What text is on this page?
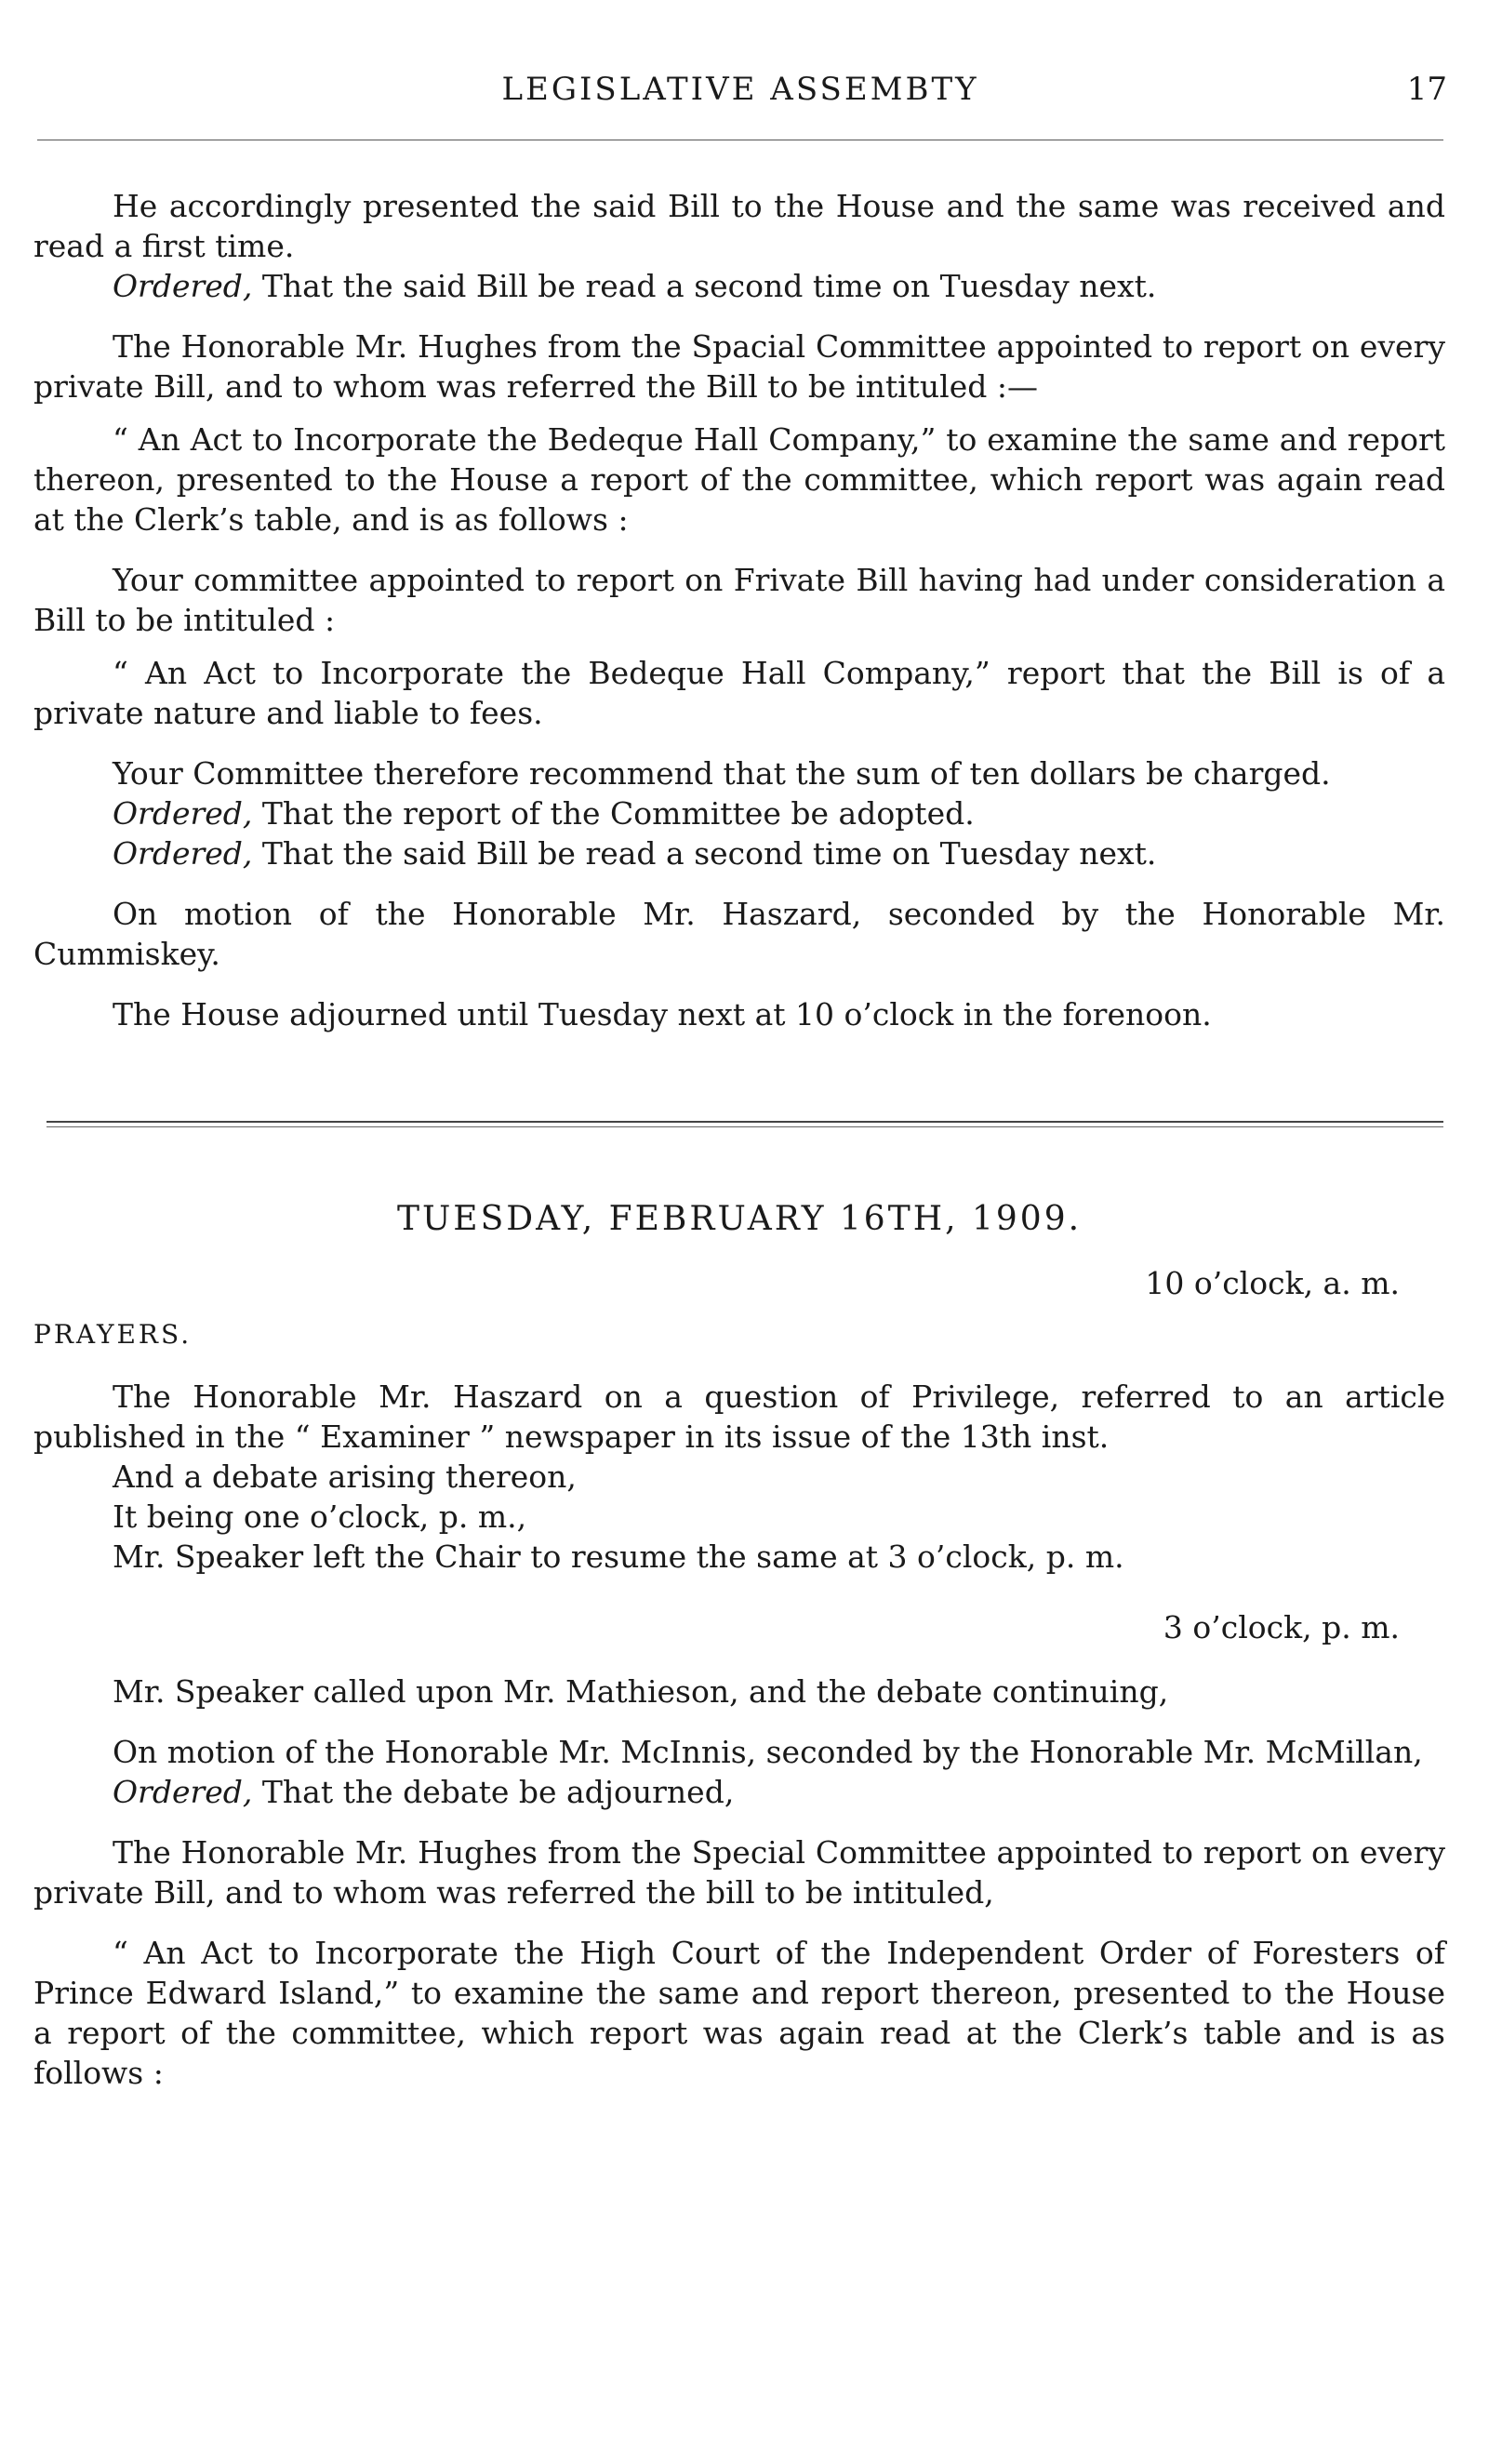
LEGISLATIVE ASSEMBTY	17

He accordingly presented the said Bill to the House and the same was received and read a first time.

Ordered, That the said Bill be read a second time on Tuesday next.

The Honorable Mr. Hughes from the Spacial Committee appointed to report on every private Bill, and to whom was referred the Bill to be intituled :—

“ An Act to Incorporate the Bedeque Hall Company,” to examine the same and report thereon, presented to the House a report of the committee, which report was again read at the Clerk’s table, and is as follows :

Your committee appointed to report on Frivate Bill having had under consideration a Bill to be intituled :

“ An Act to Incorporate the Bedeque Hall Company,” report that the Bill is of a private nature and liable to fees.

Your Committee therefore recommend that the sum of ten dollars be charged.

Ordered, That the report of the Committee be adopted.

Ordered, That the said Bill be read a second time on Tuesday next.

On motion of the Honorable Mr. Haszard, seconded by the Honorable Mr. Cummiskey.

The House adjourned until Tuesday next at 10 o’clock in the forenoon.

TUESDAY, FEBRUARY 16TH, 1909.
10 o’clock, a. m.
PRAYERS.

The Honorable Mr. Haszard on a question of Privilege, referred to an article published in the “ Examiner ” newspaper in its issue of the 13th inst.

And a debate arising thereon,

It being one o’clock, p. m.,

Mr. Speaker left the Chair to resume the same at 3 o’clock, p. m.

3 o’clock, p. m.

Mr. Speaker called upon Mr. Mathieson, and the debate continuing,

On motion of the Honorable Mr. McInnis, seconded by the Honorable Mr. McMillan,

Ordered, That the debate be adjourned,

The Honorable Mr. Hughes from the Special Committee appointed to report on every private Bill, and to whom was referred the bill to be intituled,

“ An Act to Incorporate the High Court of the Independent Order of Foresters of Prince Edward Island,” to examine the same and report thereon, presented to the House a report of the committee, which report was again read at the Clerk’s table and is as follows :
